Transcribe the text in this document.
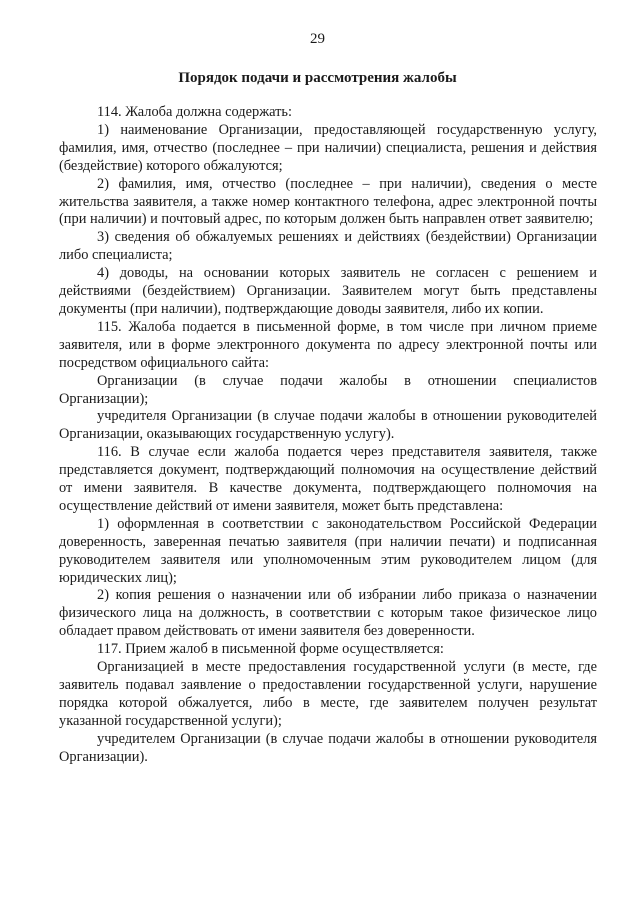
29
Порядок подачи и рассмотрения жалобы

114. Жалоба должна содержать:

1) наименование Организации, предоставляющей государственную услугу, фамилия, имя, отчество (последнее – при наличии) специалиста, решения и действия (бездействие) которого обжалуются;

2) фамилия, имя, отчество (последнее – при наличии), сведения о месте жительства заявителя, а также номер контактного телефона, адрес электронной почты (при наличии) и почтовый адрес, по которым должен быть направлен ответ заявителю;

3) сведения об обжалуемых решениях и действиях (бездействии) Организации либо специалиста;

4) доводы, на основании которых заявитель не согласен с решением и действиями (бездействием) Организации. Заявителем могут быть представлены документы (при наличии), подтверждающие доводы заявителя, либо их копии.

115. Жалоба подается в письменной форме, в том числе при личном приеме заявителя, или в форме электронного документа по адресу электронной почты или посредством официального сайта:

Организации (в случае подачи жалобы в отношении специалистов Организации);

учредителя Организации (в случае подачи жалобы в отношении руководителей Организации, оказывающих государственную услугу).

116. В случае если жалоба подается через представителя заявителя, также представляется документ, подтверждающий полномочия на осуществление действий от имени заявителя. В качестве документа, подтверждающего полномочия на осуществление действий от имени заявителя, может быть представлена:

1) оформленная в соответствии с законодательством Российской Федерации доверенность, заверенная печатью заявителя (при наличии печати) и подписанная руководителем заявителя или уполномоченным этим руководителем лицом (для юридических лиц);

2) копия решения о назначении или об избрании либо приказа о назначении физического лица на должность, в соответствии с которым такое физическое лицо обладает правом действовать от имени заявителя без доверенности.

117. Прием жалоб в письменной форме осуществляется:

Организацией в месте предоставления государственной услуги (в месте, где заявитель подавал заявление о предоставлении государственной услуги, нарушение порядка которой обжалуется, либо в месте, где заявителем получен результат указанной государственной услуги);

учредителем Организации (в случае подачи жалобы в отношении руководителя Организации).
